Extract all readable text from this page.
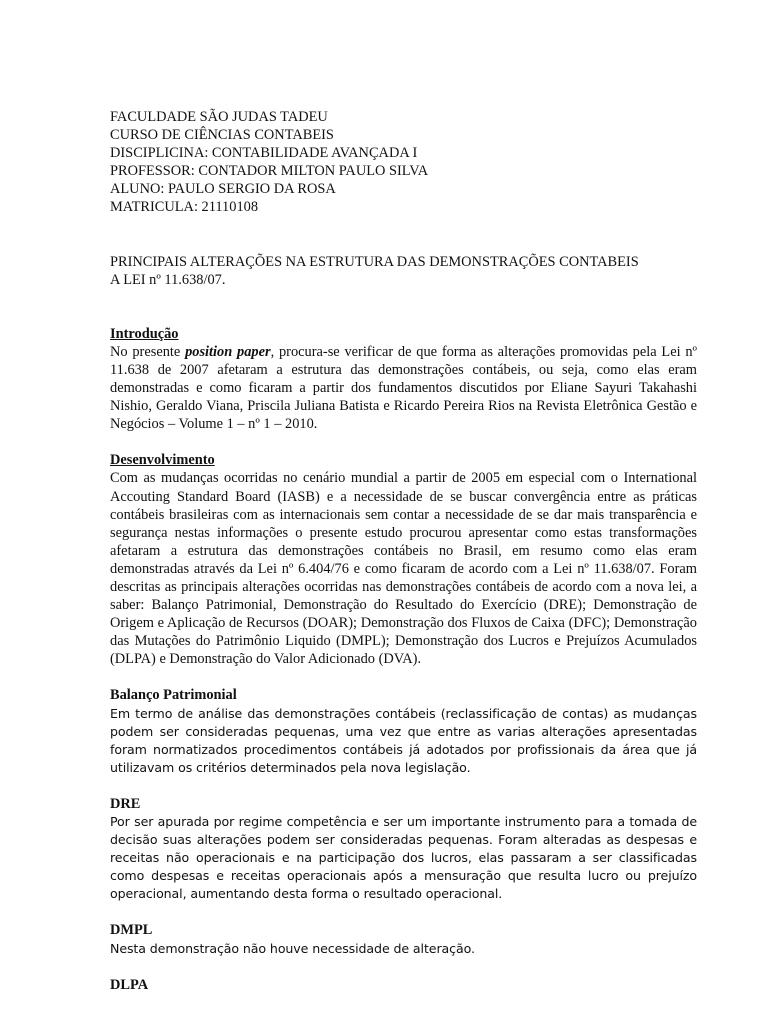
FACULDADE SÃO JUDAS TADEU
CURSO DE CIÊNCIAS CONTABEIS
DISCIPLICINA: CONTABILIDADE AVANÇADA I
PROFESSOR: CONTADOR MILTON PAULO SILVA
ALUNO: PAULO SERGIO DA ROSA
MATRICULA: 21110108
PRINCIPAIS ALTERAÇÕES NA ESTRUTURA DAS DEMONSTRAÇÕES CONTABEIS
A LEI nº 11.638/07.
Introdução

No presente position paper, procura-se verificar de que forma as alterações promovidas pela Lei nº 11.638 de 2007 afetaram a estrutura das demonstrações contábeis, ou seja, como elas eram demonstradas e como ficaram a partir dos fundamentos discutidos por Eliane Sayuri Takahashi Nishio, Geraldo Viana, Priscila Juliana Batista e Ricardo Pereira Rios na Revista Eletrônica Gestão e Negócios – Volume 1 – nº 1 – 2010.

Desenvolvimento

Com as mudanças ocorridas no cenário mundial a partir de 2005 em especial com o International Accouting Standard Board (IASB) e a necessidade de se buscar convergência entre as práticas contábeis brasileiras com as internacionais sem contar a necessidade de se dar mais transparência e segurança nestas informações o presente estudo procurou apresentar como estas transformações afetaram a estrutura das demonstrações contábeis no Brasil, em resumo como elas eram demonstradas através da Lei nº 6.404/76 e como ficaram de acordo com a Lei nº 11.638/07. Foram descritas as principais alterações ocorridas nas demonstrações contábeis de acordo com a nova lei, a saber: Balanço Patrimonial, Demonstração do Resultado do Exercício (DRE); Demonstração de Origem e Aplicação de Recursos (DOAR); Demonstração dos Fluxos de Caixa (DFC); Demonstração das Mutações do Patrimônio Liquido (DMPL); Demonstração dos Lucros e Prejuízos Acumulados (DLPA) e Demonstração do Valor Adicionado (DVA).

Balanço Patrimonial

Em termo de análise das demonstrações contábeis (reclassificação de contas) as mudanças podem ser consideradas pequenas, uma vez que entre as varias alterações apresentadas foram normatizados procedimentos contábeis já adotados por profissionais da área que já utilizavam os critérios determinados pela nova legislação.

DRE

Por ser apurada por regime competência e ser um importante instrumento para a tomada de decisão suas alterações podem ser consideradas pequenas. Foram alteradas as despesas e receitas não operacionais e na participação dos lucros, elas passaram a ser classificadas como despesas e receitas operacionais após a mensuração que resulta lucro ou prejuízo operacional, aumentando desta forma o resultado operacional.

DMPL

Nesta demonstração não houve necessidade de alteração.

DLPA
